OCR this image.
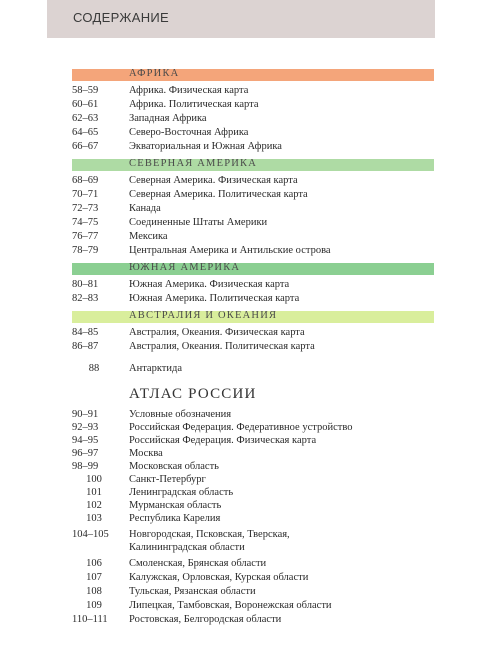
СОДЕРЖАНИЕ
АФРИКА
58–59	Африка. Физическая карта
60–61	Африка. Политическая карта
62–63	Западная Африка
64–65	Северо-Восточная Африка
66–67	Экваториальная и Южная Африка
СЕВЕРНАЯ АМЕРИКА
68–69	Северная Америка. Физическая карта
70–71	Северная Америка. Политическая карта
72–73	Канада
74–75	Соединенные Штаты Америки
76–77	Мексика
78–79	Центральная Америка и Антильские острова
ЮЖНАЯ АМЕРИКА
80–81	Южная Америка. Физическая карта
82–83	Южная Америка. Политическая карта
АВСТРАЛИЯ И ОКЕАНИЯ
84–85	Австралия, Океания. Физическая карта
86–87	Австралия, Океания. Политическая карта
88	Антарктида
АТЛАС РОССИИ
90–91	Условные обозначения
92–93	Российская Федерация. Федеративное устройство
94–95	Российская Федерация. Физическая карта
96–97	Москва
98–99	Московская область
100	Санкт-Петербург
101	Ленинградская область
102	Мурманская область
103	Республика Карелия
104–105	Новгородская, Псковская, Тверская,
Калининградская области
106	Смоленская, Брянская области
107	Калужская, Орловская, Курская области
108	Тульская, Рязанская области
109	Липецкая, Тамбовская, Воронежская области
110–111	Ростовская, Белгородская области
